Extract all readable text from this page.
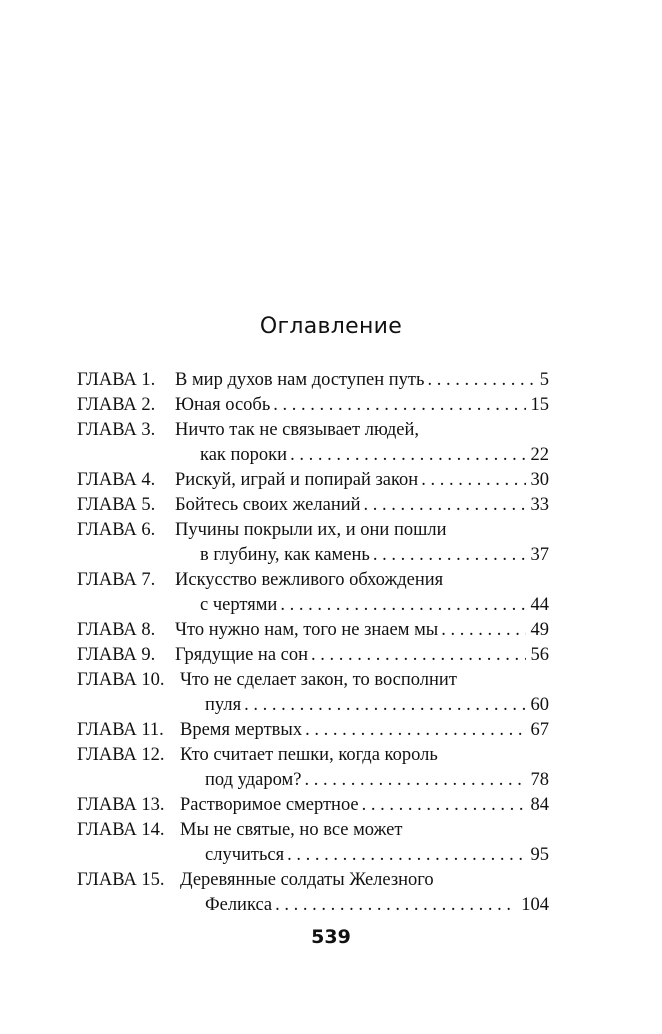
Оглавление
ГЛАВА 1. В мир духов нам доступен путь . . .	5
ГЛАВА 2. Юная особь . . .	15
ГЛАВА 3. Ничто так не связывает людей,
как пороки . . .	22
ГЛАВА 4. Рискуй, играй и попирай закон . . .	30
ГЛАВА 5. Бойтесь своих желаний . . .	33
ГЛАВА 6. Пучины покрыли их, и они пошли
в глубину, как камень . . .	37
ГЛАВА 7. Искусство вежливого обхождения
с чертями . . .	44
ГЛАВА 8. Что нужно нам, того не знаем мы . . .	49
ГЛАВА 9. Грядущие на сон . . .	56
ГЛАВА 10. Что не сделает закон, то восполнит
пуля . . .	60
ГЛАВА 11. Время мертвых . . .	67
ГЛАВА 12. Кто считает пешки, когда король
под ударом? . . .	78
ГЛАВА 13. Растворимое смертное . . .	84
ГЛАВА 14. Мы не святые, но все может
случиться . . .	95
ГЛАВА 15. Деревянные солдаты Железного
Феликса . . .	104
539
